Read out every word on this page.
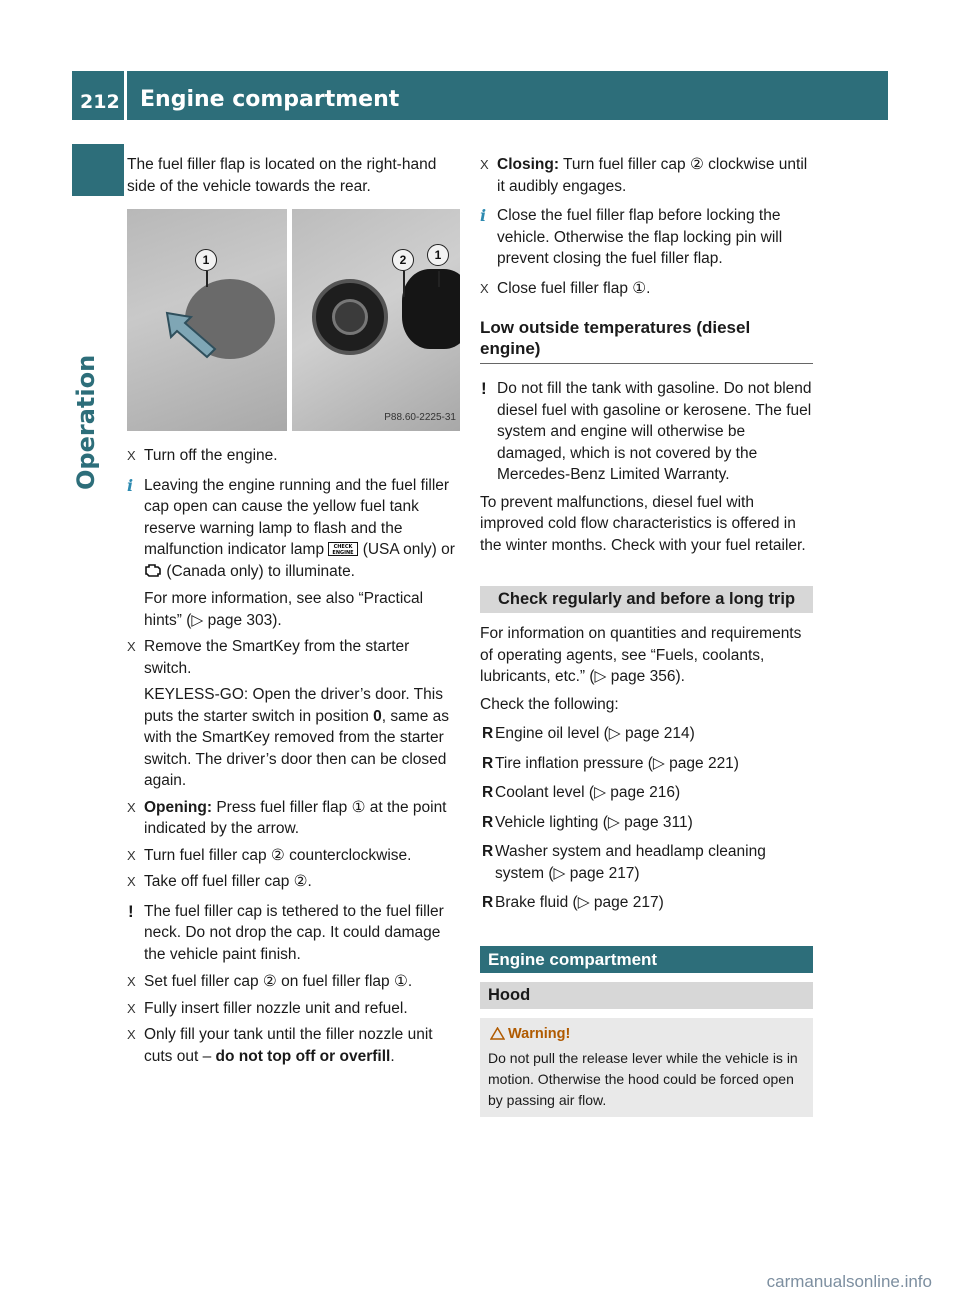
212 Engine compartment
Operation

The fuel filler flap is located on the right-hand side of the vehicle towards the rear.

1	2	1
P88.60-2225-31
X Turn off the engine.
i Leaving the engine running and the fuel filler cap open can cause the yellow fuel tank reserve warning lamp to flash and the malfunction indicator lamp CHECK
ENGINE (USA only) or  (Canada only) to illuminate.

For more information, see also “Practical hints” (▷ page 303).

X Remove the SmartKey from the starter switch.

KEYLESS-GO: Open the driver’s door. This puts the starter switch in position 0, same as with the SmartKey removed from the starter switch. The driver’s door then can be closed again.

X Opening: Press fuel filler flap ① at the point indicated by the arrow.
X Turn fuel filler cap ② counterclockwise.
X Take off fuel filler cap ②.
! The fuel filler cap is tethered to the fuel filler neck. Do not drop the cap. It could damage the vehicle paint finish.
X Set fuel filler cap ② on fuel filler flap ①.
X Fully insert filler nozzle unit and refuel.
X Only fill your tank until the filler nozzle unit cuts out – do not top off or overfill.
X Closing: Turn fuel filler cap ② clockwise until it audibly engages.
i Close the fuel filler flap before locking the vehicle. Otherwise the flap locking pin will prevent closing the fuel filler flap.
X Close fuel filler flap ①.
Low outside temperatures (diesel engine)
! Do not fill the tank with gasoline. Do not blend diesel fuel with gasoline or kerosene. The fuel system and engine will otherwise be damaged, which is not covered by the Mercedes-Benz Limited Warranty.

To prevent malfunctions, diesel fuel with improved cold flow characteristics is offered in the winter months. Check with your fuel retailer.

Check regularly and before a long trip

For information on quantities and requirements of operating agents, see “Fuels, coolants, lubricants, etc.” (▷ page 356).

Check the following:

R Engine oil level (▷ page 214)
R Tire inflation pressure (▷ page 221)
R Coolant level (▷ page 216)
R Vehicle lighting (▷ page 311)
R Washer system and headlamp cleaning system (▷ page 217)
R Brake fluid (▷ page 217)
Engine compartment
Hood
Warning!

Do not pull the release lever while the vehicle is in motion. Otherwise the hood could be forced open by passing air flow.

carmanualsonline.info
